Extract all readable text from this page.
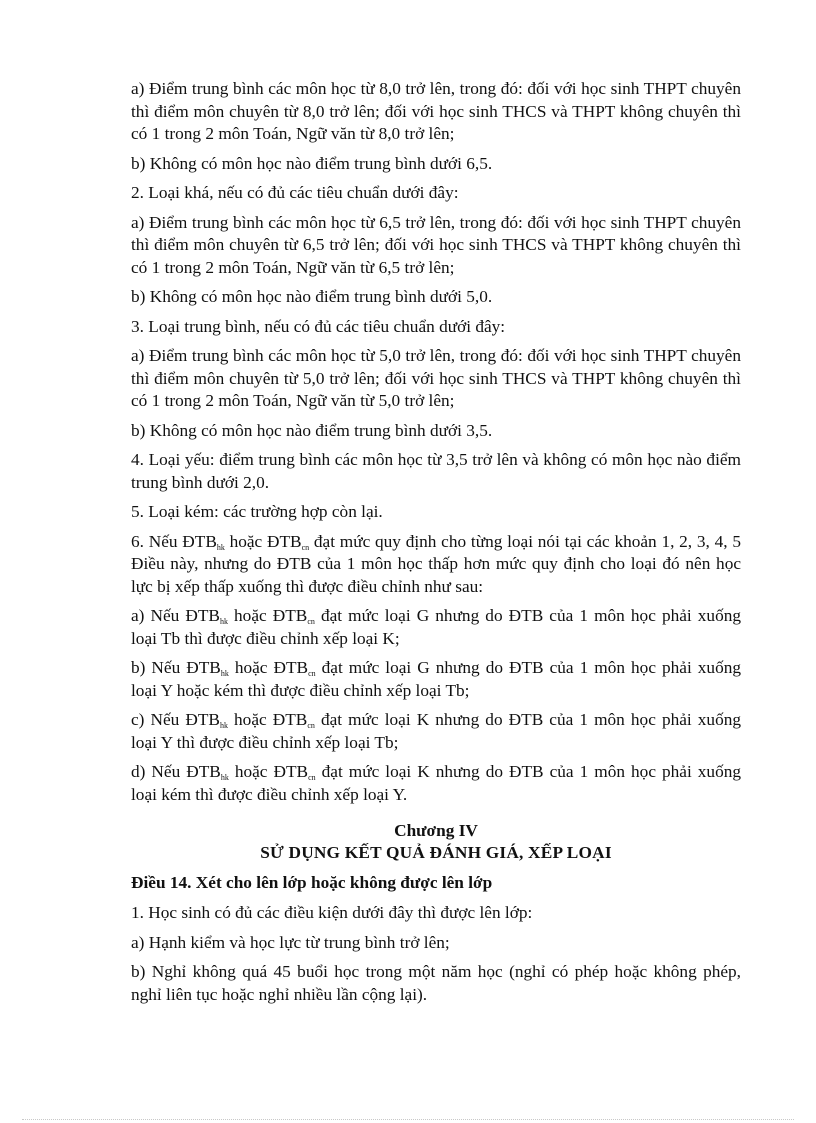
a) Điểm trung bình các môn học từ 8,0 trở lên, trong đó: đối với học sinh THPT chuyên thì điểm môn chuyên từ 8,0 trở lên; đối với học sinh THCS và THPT không chuyên thì có 1 trong 2 môn Toán, Ngữ văn từ 8,0 trở lên;

b) Không có môn học nào điểm trung bình dưới 6,5.

2. Loại khá, nếu có đủ các tiêu chuẩn dưới đây:

a) Điểm trung bình các môn học từ 6,5 trở lên, trong đó: đối với học sinh THPT chuyên thì điểm môn chuyên từ 6,5 trở lên; đối với học sinh THCS và THPT không chuyên thì có 1 trong 2 môn Toán, Ngữ văn từ 6,5 trở lên;

b) Không có môn học nào điểm trung bình dưới 5,0.

3. Loại trung bình, nếu có đủ các tiêu chuẩn dưới đây:

a) Điểm trung bình các môn học từ 5,0 trở lên, trong đó: đối với học sinh THPT chuyên thì điểm môn chuyên từ 5,0 trở lên; đối với học sinh THCS và THPT không chuyên thì có 1 trong 2 môn Toán, Ngữ văn từ 5,0 trở lên;

b) Không có môn học nào điểm trung bình dưới 3,5.

4. Loại yếu: điểm trung bình các môn học từ 3,5 trở lên và không có môn học nào điểm trung bình dưới 2,0.

5. Loại kém: các trường hợp còn lại.

6. Nếu $ĐTB_{hk}$ hoặc $ĐTB_{cn}$ đạt mức quy định cho từng loại nói tại các khoản 1, 2, 3, 4, 5 Điều này, nhưng do ĐTB của 1 môn học thấp hơn mức quy định cho loại đó nên học lực bị xếp thấp xuống thì được điều chỉnh như sau:

a) Nếu $ĐTB_{hk}$ hoặc $ĐTB_{cn}$ đạt mức loại G nhưng do ĐTB của 1 môn học phải xuống loại Tb thì được điều chỉnh xếp loại K;

b) Nếu $ĐTB_{hk}$ hoặc $ĐTB_{cn}$ đạt mức loại G nhưng do ĐTB của 1 môn học phải xuống loại Y hoặc kém thì được điều chỉnh xếp loại Tb;

c) Nếu $ĐTB_{hk}$ hoặc $ĐTB_{cn}$ đạt mức loại K nhưng do ĐTB của 1 môn học phải xuống loại Y thì được điều chỉnh xếp loại Tb;

d) Nếu $ĐTB_{hk}$ hoặc $ĐTB_{cn}$ đạt mức loại K nhưng do ĐTB của 1 môn học phải xuống loại kém thì được điều chỉnh xếp loại Y.

Chương IV
SỬ DỤNG KẾT QUẢ ĐÁNH GIÁ, XẾP LOẠI
Điều 14. Xét cho lên lớp hoặc không được lên lớp

1. Học sinh có đủ các điều kiện dưới đây thì được lên lớp:

a) Hạnh kiểm và học lực từ trung bình trở lên;

b) Nghỉ không quá 45 buổi học trong một năm học (nghỉ có phép hoặc không phép, nghỉ liên tục hoặc nghỉ nhiều lần cộng lại).
